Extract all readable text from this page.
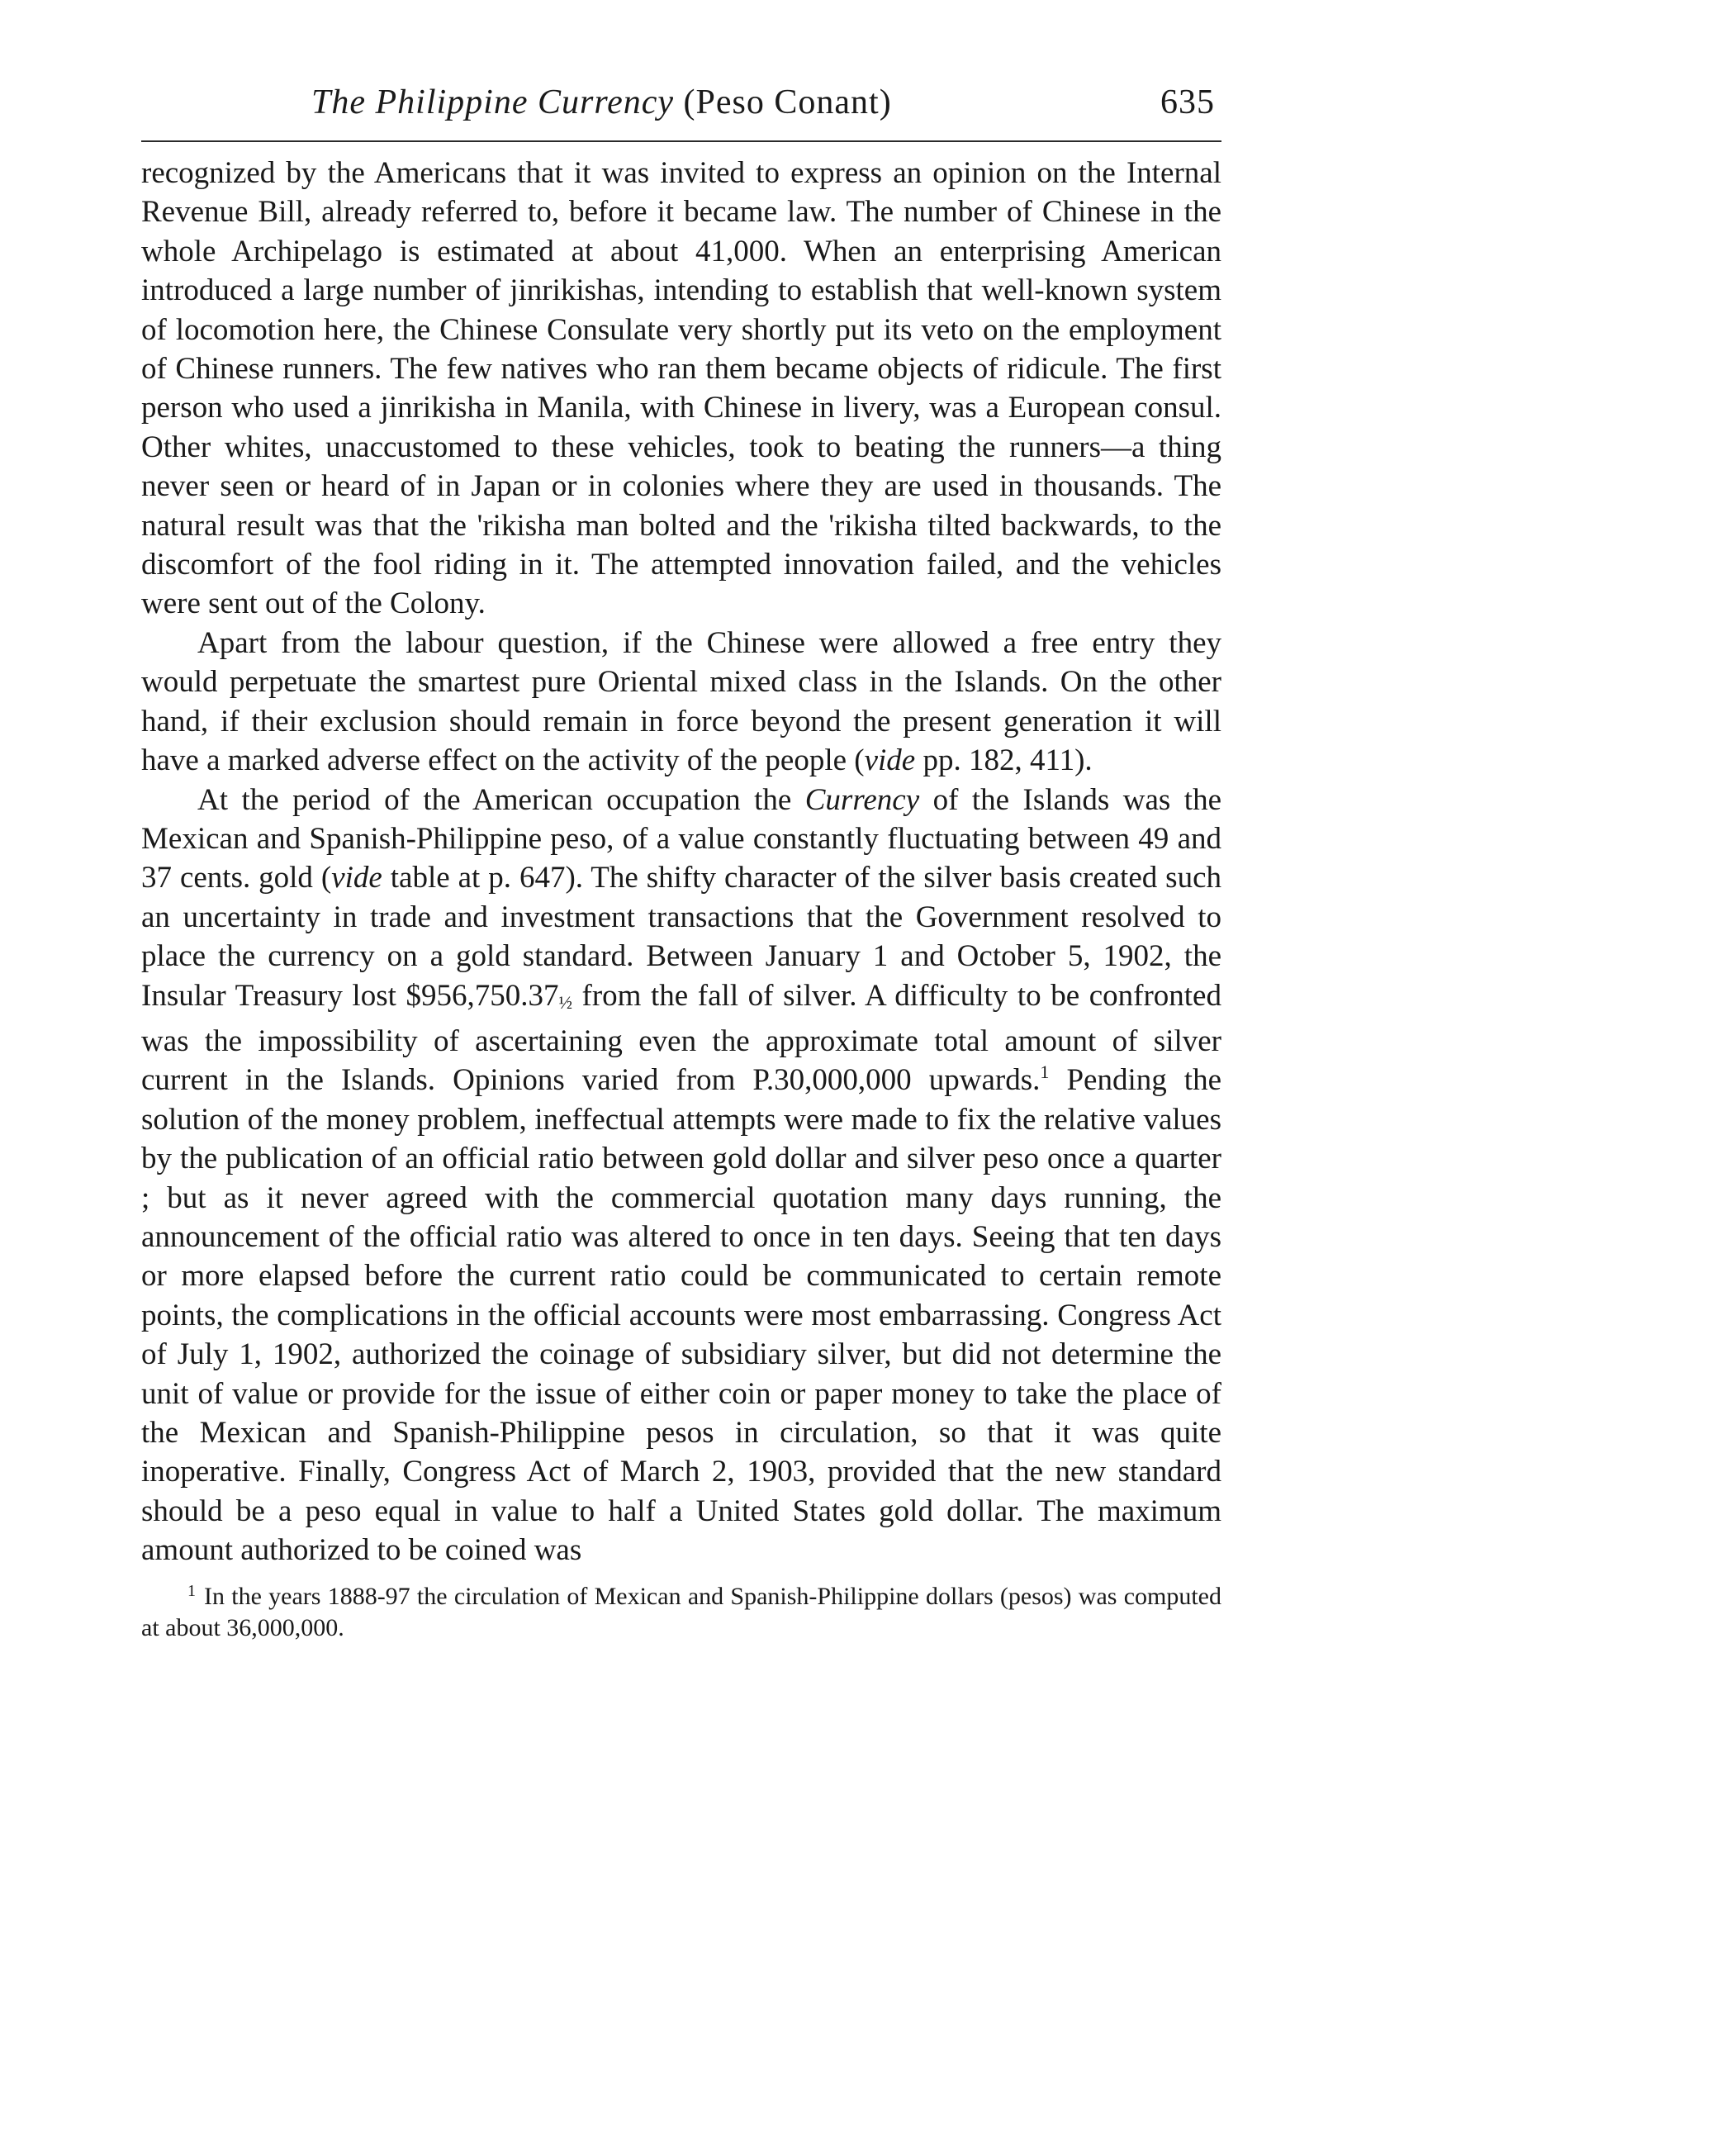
The Philippine Currency (Peso Conant)	635

recognized by the Americans that it was invited to express an opinion on the Internal Revenue Bill, already referred to, before it became law. The number of Chinese in the whole Archipelago is estimated at about 41,000. When an enterprising American introduced a large number of jinrikishas, intending to establish that well-known system of locomotion here, the Chinese Consulate very shortly put its veto on the employment of Chinese runners. The few natives who ran them became objects of ridicule. The first person who used a jinrikisha in Manila, with Chinese in livery, was a European consul. Other whites, unaccustomed to these vehicles, took to beating the runners—a thing never seen or heard of in Japan or in colonies where they are used in thousands. The natural result was that the 'rikisha man bolted and the 'rikisha tilted backwards, to the discomfort of the fool riding in it. The attempted innovation failed, and the vehicles were sent out of the Colony.

Apart from the labour question, if the Chinese were allowed a free entry they would perpetuate the smartest pure Oriental mixed class in the Islands. On the other hand, if their exclusion should remain in force beyond the present generation it will have a marked adverse effect on the activity of the people (vide pp. 182, 411).

At the period of the American occupation the Currency of the Islands was the Mexican and Spanish-Philippine peso, of a value constantly fluctuating between 49 and 37 cents. gold (vide table at p. 647). The shifty character of the silver basis created such an uncertainty in trade and investment transactions that the Government resolved to place the currency on a gold standard. Between January 1 and October 5, 1902, the Insular Treasury lost $956,750.37½ from the fall of silver. A difficulty to be confronted was the impossibility of ascertaining even the approximate total amount of silver current in the Islands. Opinions varied from P.30,000,000 upwards.$^1$ Pending the solution of the money problem, ineffectual attempts were made to fix the relative values by the publication of an official ratio between gold dollar and silver peso once a quarter ; but as it never agreed with the commercial quotation many days running, the announcement of the official ratio was altered to once in ten days. Seeing that ten days or more elapsed before the current ratio could be communicated to certain remote points, the complications in the official accounts were most embarrassing. Congress Act of July 1, 1902, authorized the coinage of subsidiary silver, but did not determine the unit of value or provide for the issue of either coin or paper money to take the place of the Mexican and Spanish-Philippine pesos in circulation, so that it was quite inoperative. Finally, Congress Act of March 2, 1903, provided that the new standard should be a peso equal in value to half a United States gold dollar. The maximum amount authorized to be coined was

$^1$ In the years 1888-97 the circulation of Mexican and Spanish-Philippine dollars (pesos) was computed at about 36,000,000.
